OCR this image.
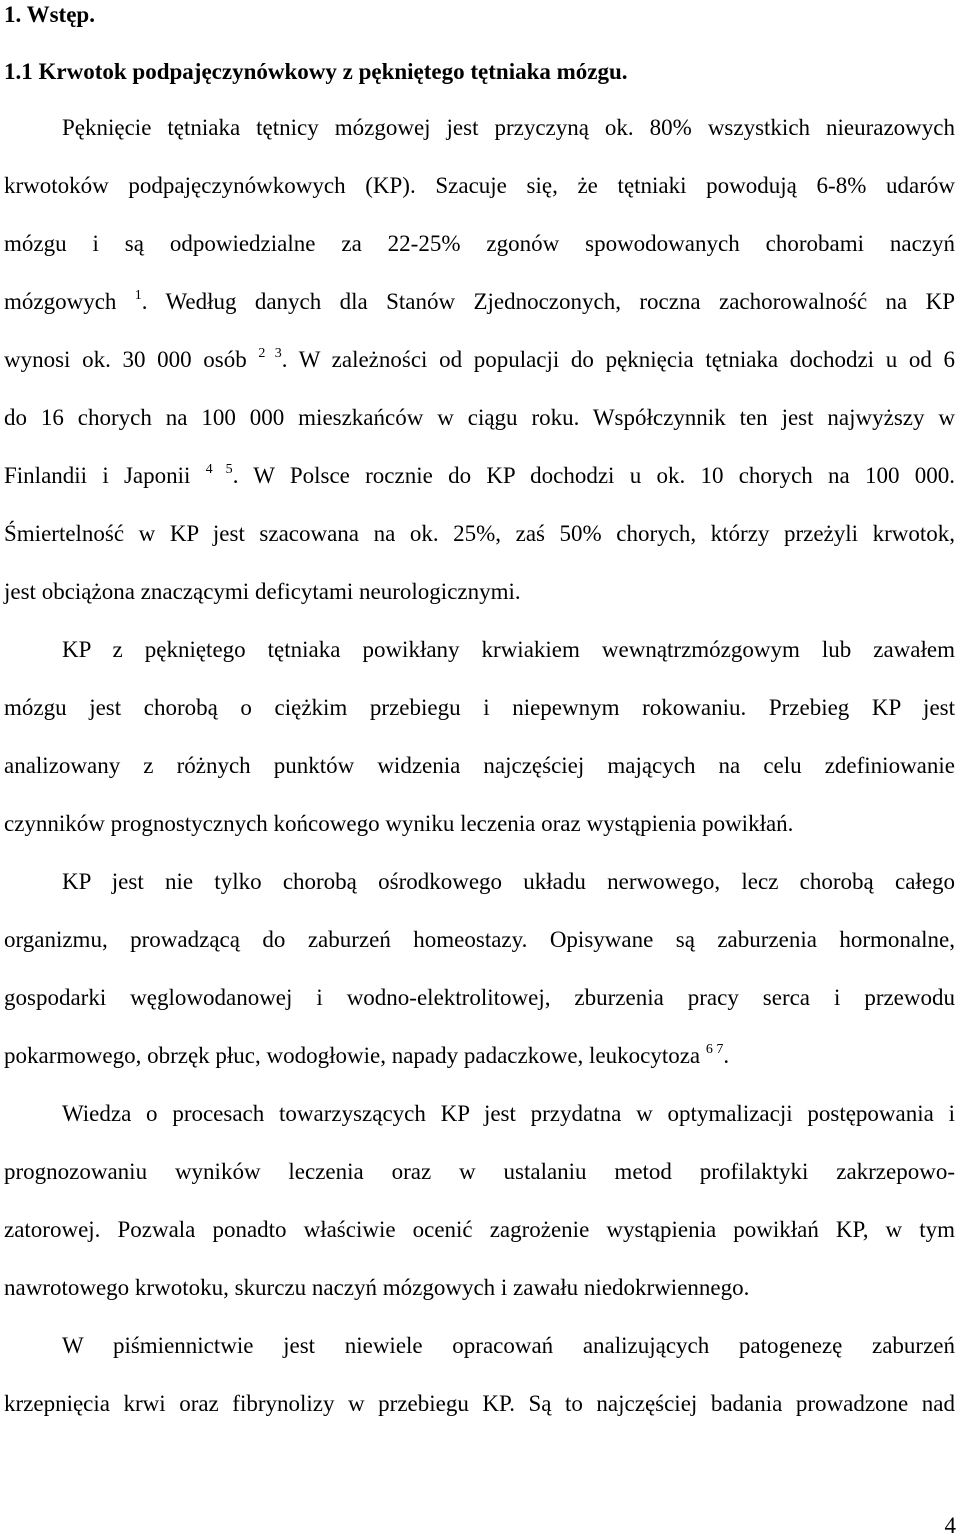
1. Wstęp.
1.1 Krwotok podpajęczynówkowy z pękniętego tętniaka mózgu.
Pęknięcie tętniaka tętnicy mózgowej jest przyczyną ok. 80% wszystkich nieurazowych
krwotoków podpajęczynówkowych (KP). Szacuje się, że tętniaki powodują 6-8% udarów
mózgu i są odpowiedzialne za 22-25% zgonów spowodowanych chorobami naczyń
mózgowych $^1$. Według danych dla Stanów Zjednoczonych, roczna zachorowalność na KP
wynosi ok. 30 000 osób $^{2 3}$. W zależności od populacji do pęknięcia tętniaka dochodzi u od 6
do 16 chorych na 100 000 mieszkańców w ciągu roku. Współczynnik ten jest najwyższy w
Finlandii i Japonii $^{4 5}$. W Polsce rocznie do KP dochodzi u ok. 10 chorych na 100 000.
Śmiertelność w KP jest szacowana na ok. 25%, zaś 50% chorych, którzy przeżyli krwotok,
jest obciążona znaczącymi deficytami neurologicznymi.
KP z pękniętego tętniaka powikłany krwiakiem wewnątrzmózgowym lub zawałem
mózgu jest chorobą o ciężkim przebiegu i niepewnym rokowaniu. Przebieg KP jest
analizowany z różnych punktów widzenia najczęściej mających na celu zdefiniowanie
czynników prognostycznych końcowego wyniku leczenia oraz wystąpienia powikłań.
KP jest nie tylko chorobą ośrodkowego układu nerwowego, lecz chorobą całego
organizmu, prowadzącą do zaburzeń homeostazy. Opisywane są zaburzenia hormonalne,
gospodarki węglowodanowej i wodno-elektrolitowej, zburzenia pracy serca i przewodu
pokarmowego, obrzęk płuc, wodogłowie, napady padaczkowe, leukocytoza $^{6 7}$.
Wiedza o procesach towarzyszących KP jest przydatna w optymalizacji postępowania i
prognozowaniu wyników leczenia oraz w ustalaniu metod profilaktyki zakrzepowo-
zatorowej. Pozwala ponadto właściwie ocenić zagrożenie wystąpienia powikłań KP, w tym
nawrotowego krwotoku, skurczu naczyń mózgowych i zawału niedokrwiennego.
W piśmiennictwie jest niewiele opracowań analizujących patogenezę zaburzeń
krzepnięcia krwi oraz fibrynolizy w przebiegu KP. Są to najczęściej badania prowadzone nad
4
